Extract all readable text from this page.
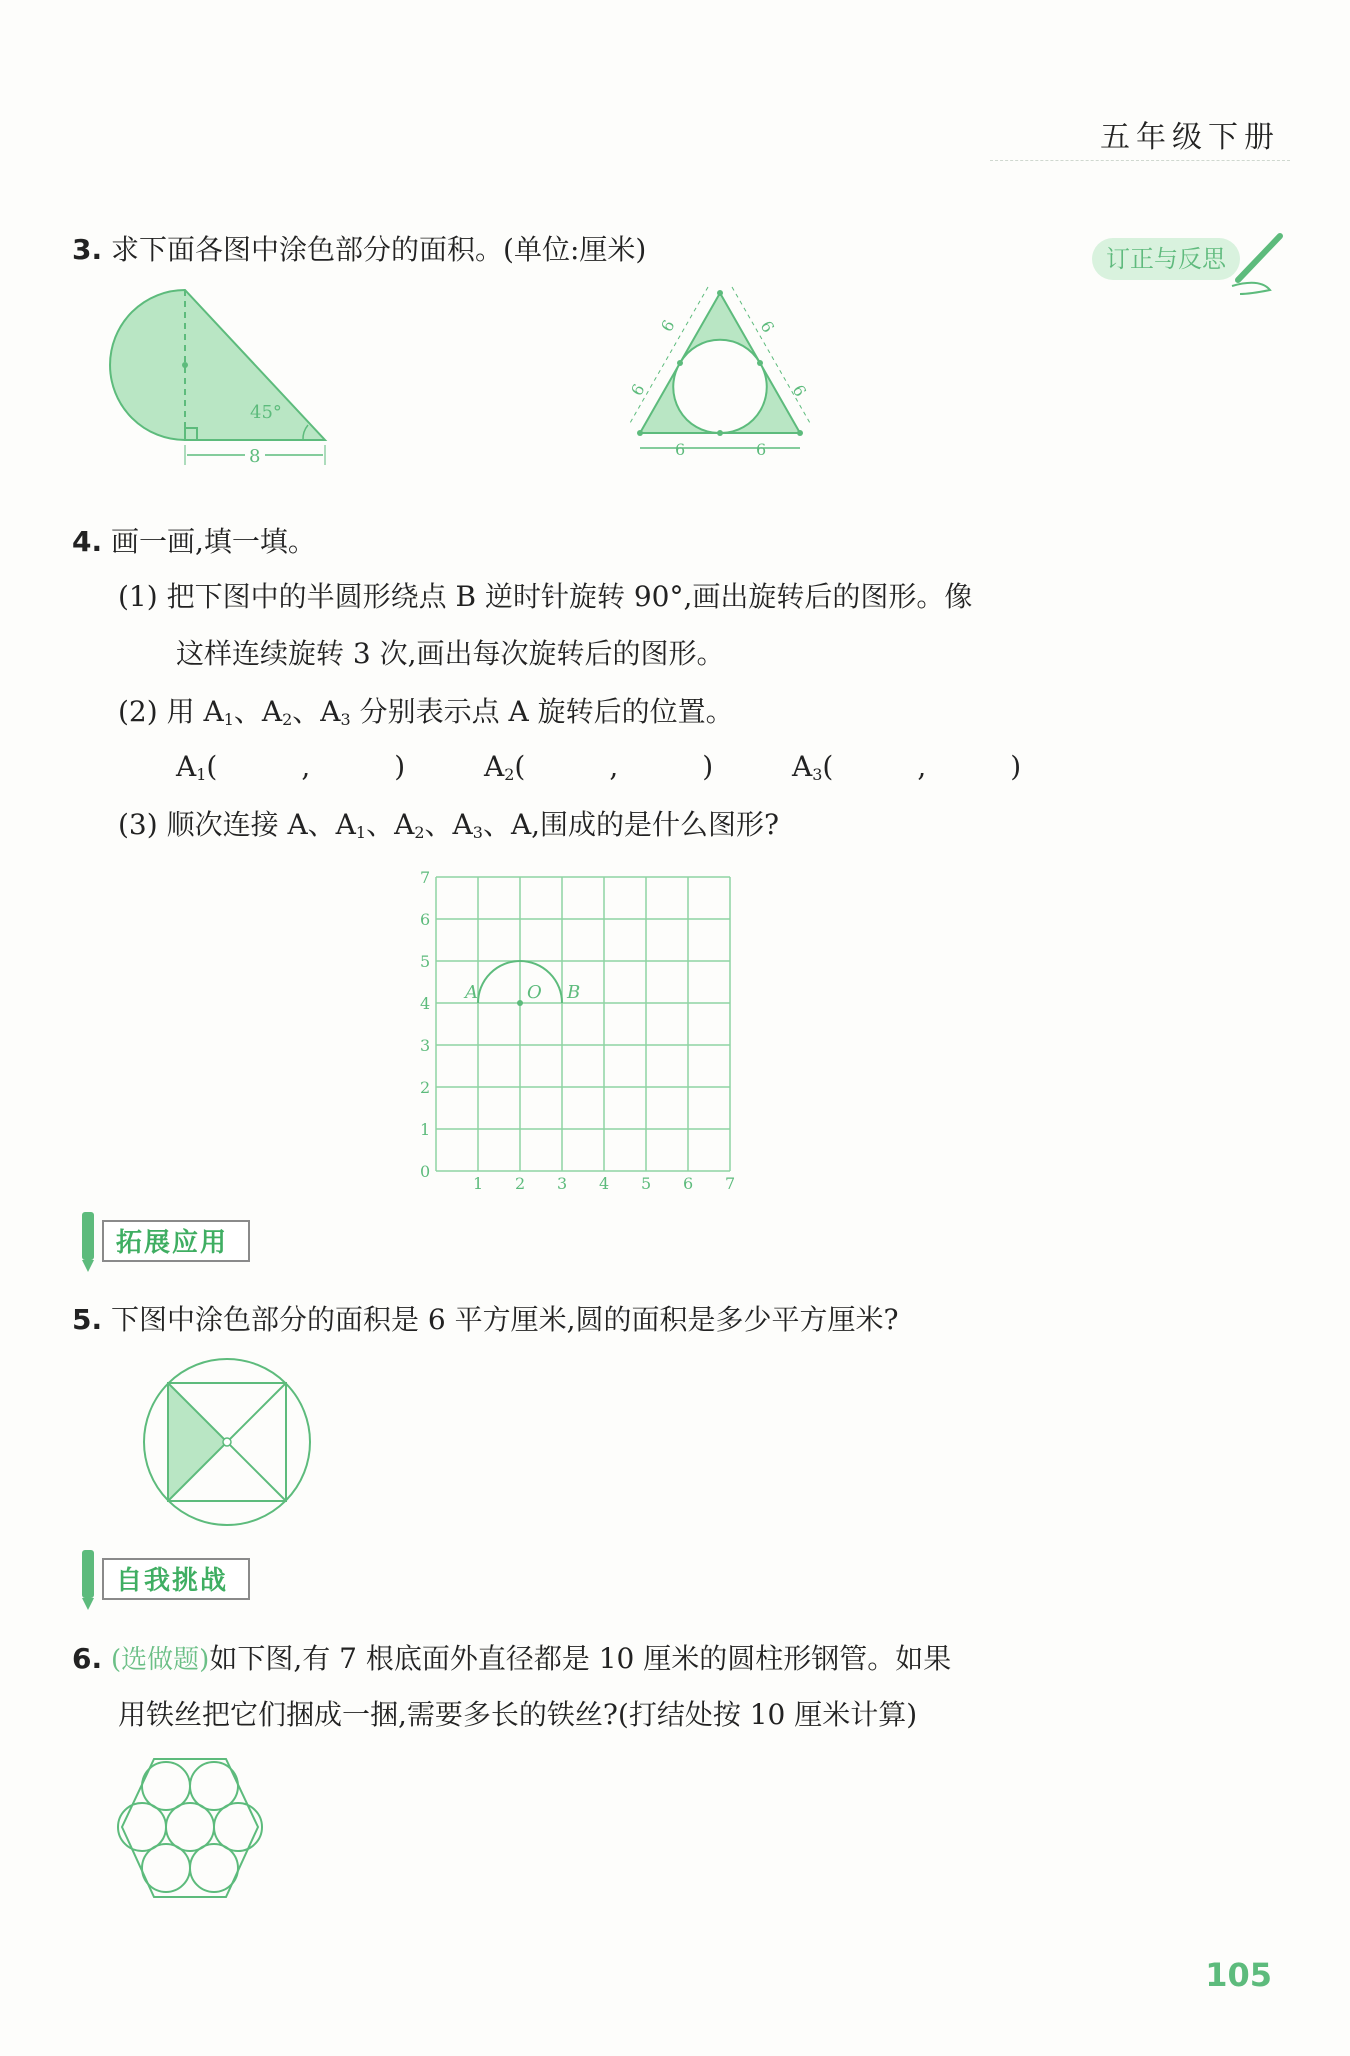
五年级下册
订正与反思
3. 求下面各图中涂色部分的面积。(单位:厘米)
45°
8
6
6
6
6
6	6
4. 画一画,填一填。
(1) 把下图中的半圆形绕点 B 逆时针旋转 90°,画出旋转后的图形。像
这样连续旋转 3 次,画出每次旋转后的图形。
(2) 用 $A_1$、$A_2$、$A_3$ 分别表示点 A 旋转后的位置。
$A_1$(　　　,　　　)	$A_2$(　　　,　　　)	$A_3$(　　　,　　　)
(3) 顺次连接 A、$A_1$、$A_2$、$A_3$、A,围成的是什么图形?
A	O B
0
1 2 3 4 5 6 7
1
2
3
4
5
6
7
拓展应用
5. 下图中涂色部分的面积是 6 平方厘米,圆的面积是多少平方厘米?
自我挑战
6. (选做题)如下图,有 7 根底面外直径都是 10 厘米的圆柱形钢管。如果
用铁丝把它们捆成一捆,需要多长的铁丝?(打结处按 10 厘米计算)
105
